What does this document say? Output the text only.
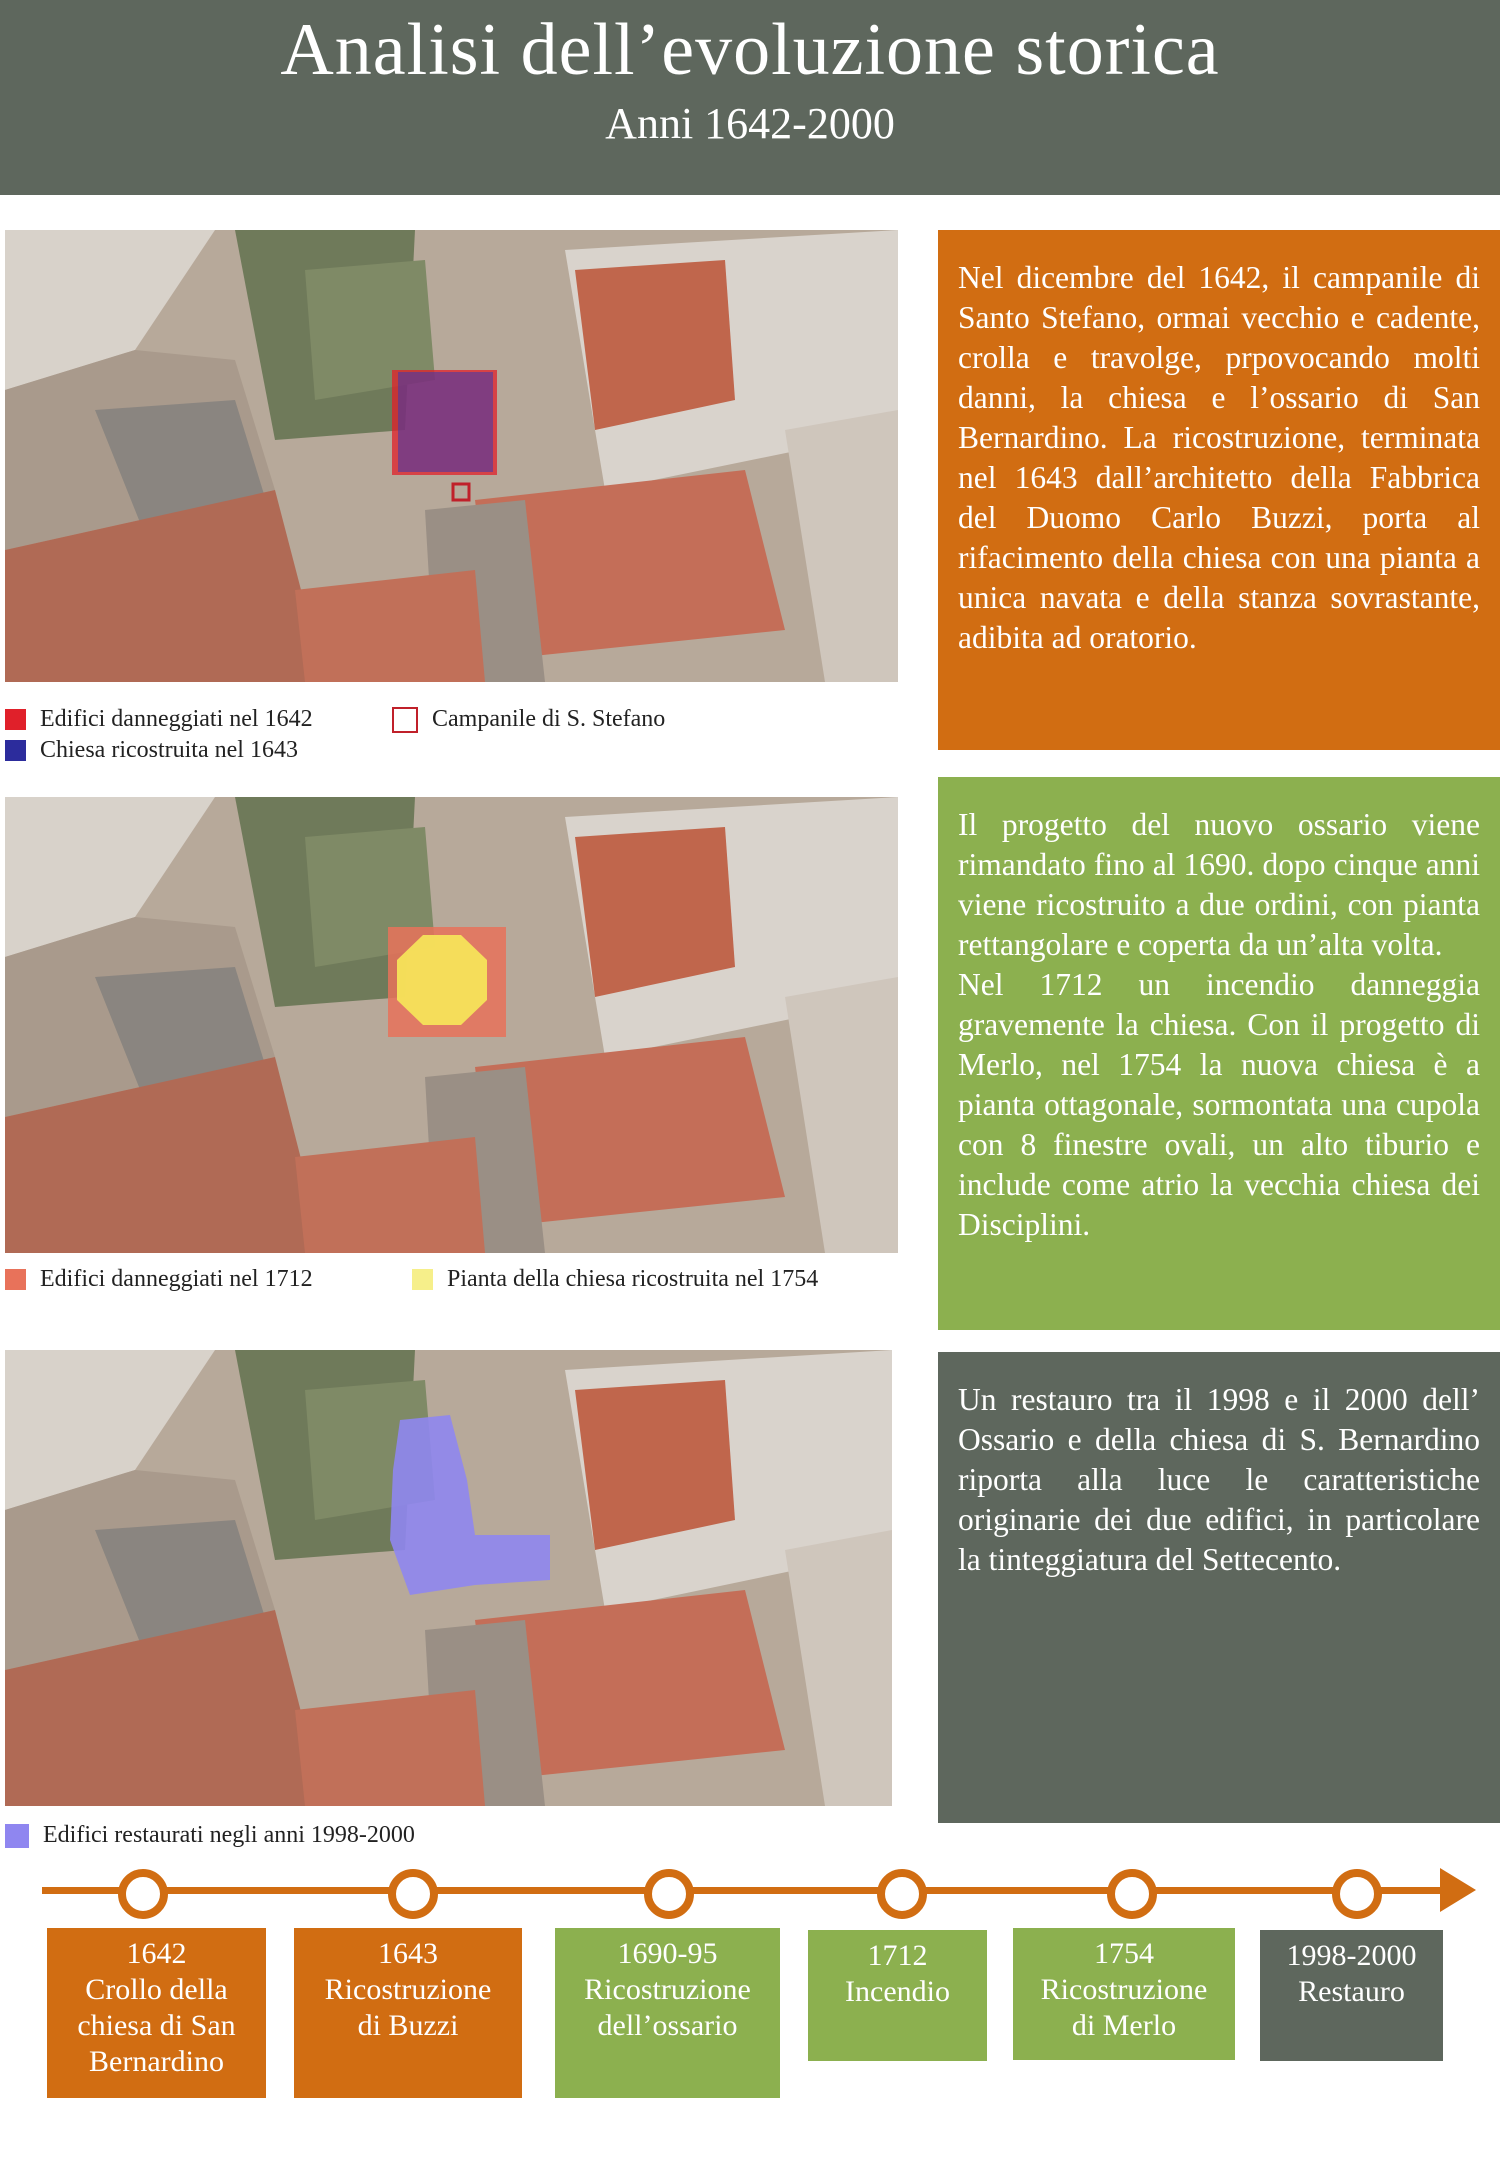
Analisi dell’evoluzione storica
Anni 1642-2000

Nel dicembre del 1642, il campanile di Santo Stefano, ormai vecchio e cadente, crolla e travolge, prpovocando molti danni, la chiesa e l’ossario di San Bernardino. La ricostruzione, terminata nel 1643 dall’architetto della Fabbrica del Duomo Carlo Buzzi, porta al rifacimento della chiesa con una pianta a unica navata e della stanza sovrastante, adibita ad oratorio.

Edifici danneggiati nel 1642	Campanile di S. Stefano
Chiesa ricostruita nel 1643

Il progetto del nuovo ossario viene rimandato fino al 1690. dopo cinque anni viene ricostruito a due ordini, con pianta rettangolare e coperta da un’alta volta.

Nel 1712 un incendio danneggia gravemente la chiesa. Con il progetto di Merlo, nel 1754 la nuova chiesa è a pianta ottagonale, sormontata una cupola con 8 finestre ovali, un alto tiburio e include come atrio la vecchia chiesa dei Disciplini.

Edifici danneggiati nel 1712	Pianta della chiesa ricostruita nel 1754

Un restauro tra il 1998 e il 2000 dell’ Ossario e della chiesa di S. Bernardino riporta alla luce le caratteristiche originarie dei due edifici, in particolare la tinteggiatura del Settecento.

Edifici restaurati negli anni 1998-2000
1642
Crollo della
chiesa di San
Bernardino
1643
Ricostruzione
di Buzzi
1690-95
Ricostruzione
dell’ossario
1712
Incendio
1754
Ricostruzione
di Merlo
1998-2000
Restauro
